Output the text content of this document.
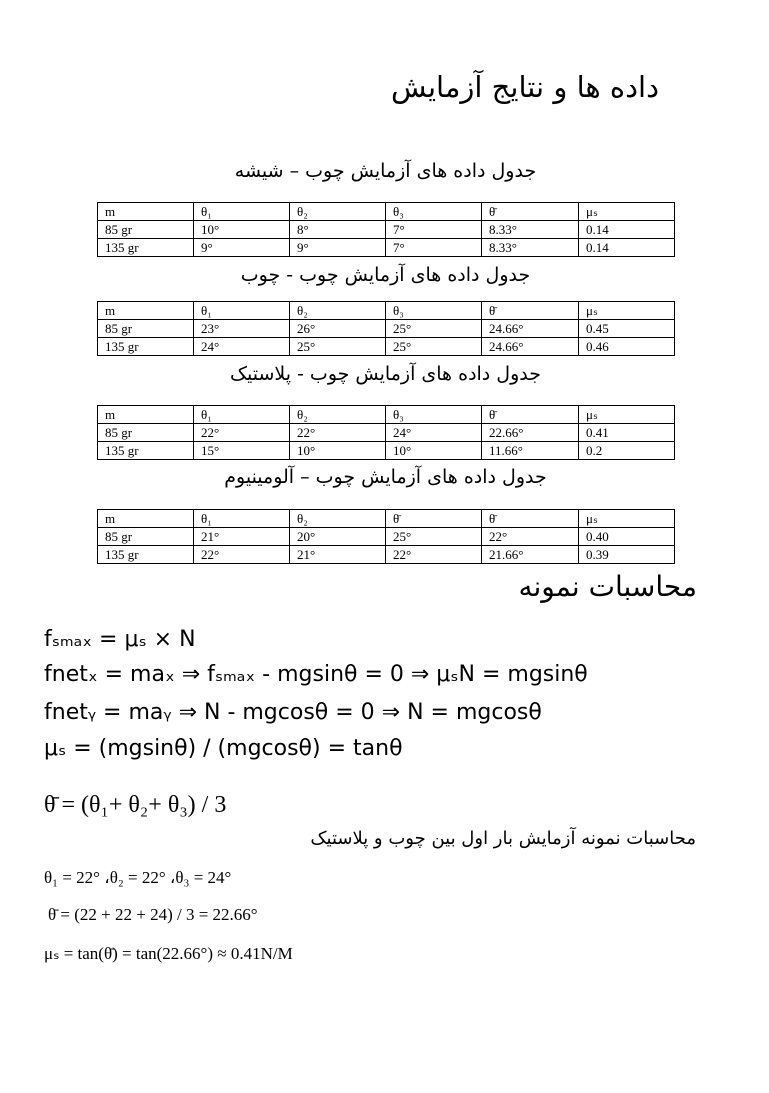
داده ها و نتایج آزمایش
جدول داده های آزمایش چوب – شیشه
m	θ₁	θ₂	θ₃	θ̄	μₛ
85 gr	10°	8°	7°	8.33°	0.14
135 gr	9°	9°	7°	8.33°	0.14
جدول داده های آزمایش چوب - چوب
m	θ₁	θ₂	θ₃	θ̄	μₛ
85 gr	23°	26°	25°	24.66°	0.45
135 gr	24°	25°	25°	24.66°	0.46
جدول داده های آزمایش چوب - پلاستیک
m	θ₁	θ₂	θ₃	θ̄	μₛ
85 gr	22°	22°	24°	22.66°	0.41
135 gr	15°	10°	10°	11.66°	0.2
جدول داده های آزمایش چوب – آلومینیوم
m	θ₁	θ₂	θ̄	θ̄	μₛ
85 gr	21°	20°	25°	22°	0.40
135 gr	22°	21°	22°	21.66°	0.39
محاسبات نمونه
fₛₘₐₓ = μₛ × N
fnetₓ = maₓ ⇒ fₛₘₐₓ - mgsinθ = 0 ⇒ μₛN = mgsinθ
fnetᵧ = maᵧ ⇒ N - mgcosθ = 0 ⇒ N = mgcosθ
μₛ = (mgsinθ) / (mgcosθ) = tanθ
θ̄ = (θ₁+ θ₂+ θ₃) / 3
محاسبات نمونه آزمایش بار اول بین چوب و پلاستیک
θ₁ = 22° ،θ₂ = 22° ،θ₃ = 24°
θ̄ = (22 + 22 + 24) / 3 = 22.66°
μₛ = tan(θ̄) = tan(22.66°) ≈ 0.41N/M
